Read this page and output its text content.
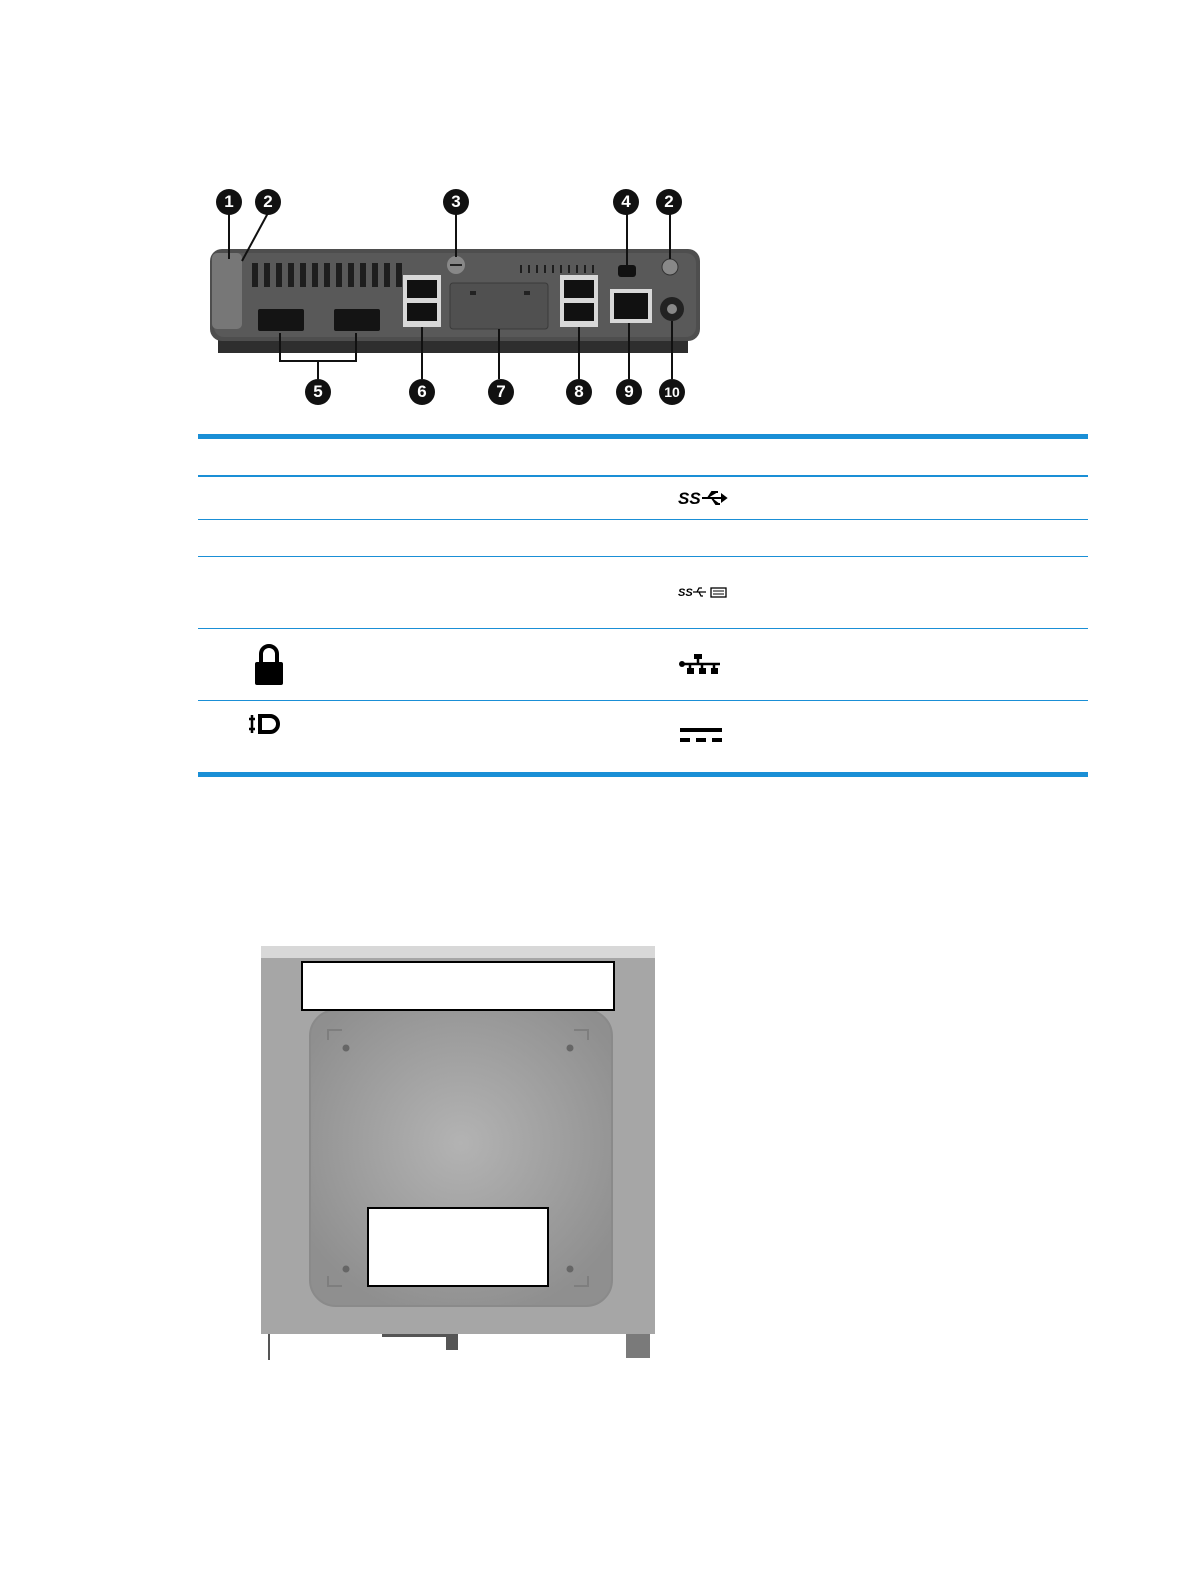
1	2	3	4	2
5	6	7	8	9	10
SS
SS
